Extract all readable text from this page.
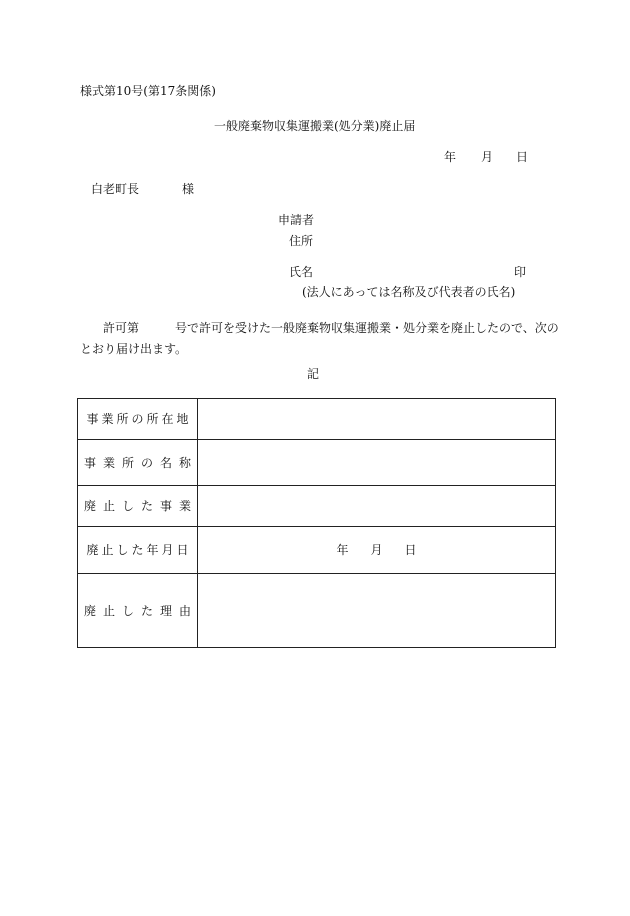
様式第10号(第17条関係)
一般廃棄物収集運搬業(処分業)廃止届
年 月 日
白老町長	様
申請者
住所
氏名	印
(法人にあっては名称及び代表者の氏名)
許可第	号で許可を受けた一般廃棄物収集運搬業・処分業を廃止したので、次の
とおり届け出ます。
記
事業所の所在地	
事業所の名称	
廃止した事業	
廃止した年月日	年 月 日
廃止した理由	
